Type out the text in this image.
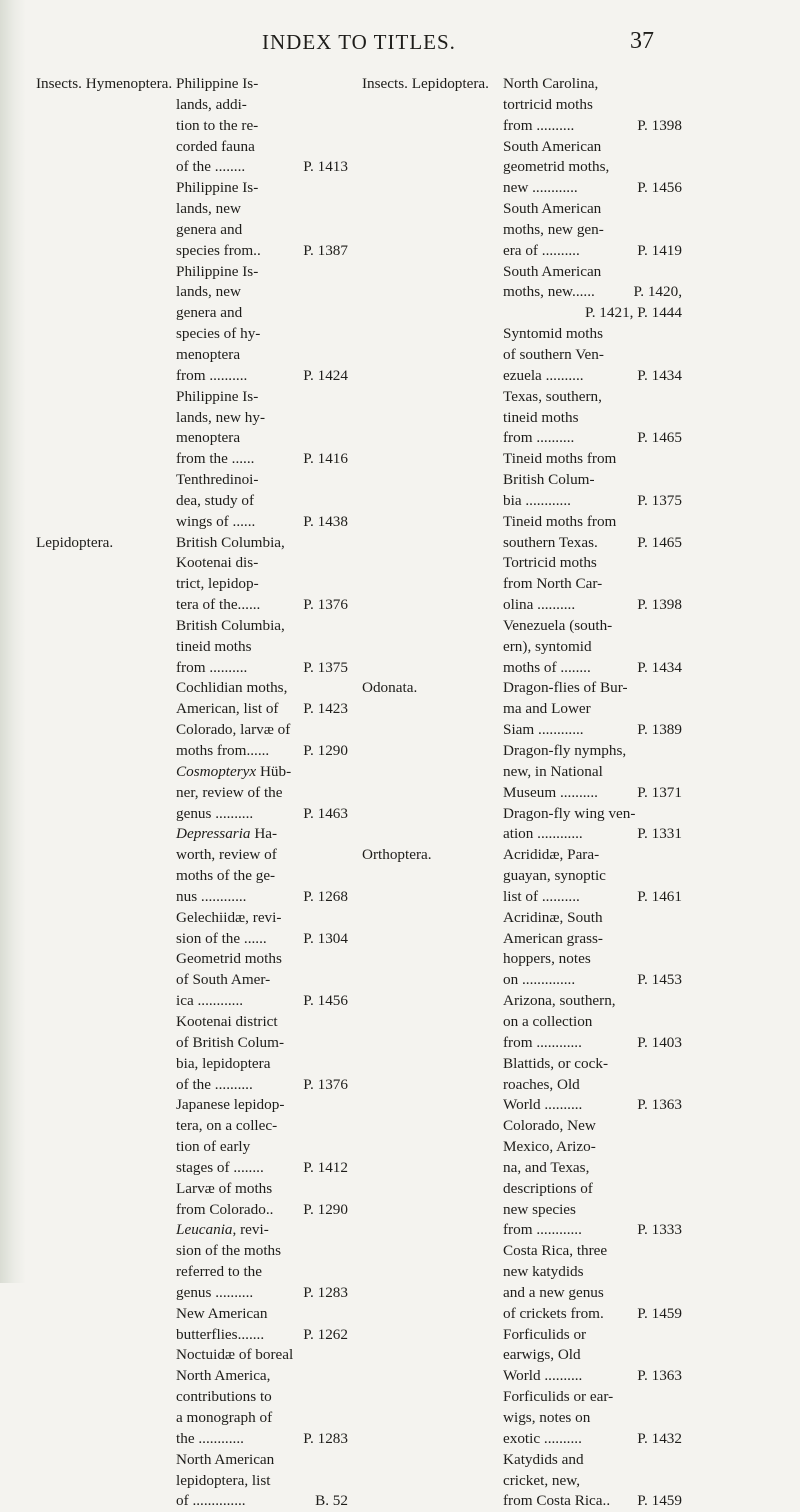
INDEX TO TITLES.	37
Insects. Hymenoptera. Philippine Is-
lands, addi-
tion to the re-
corded fauna
of the ........	P. 1413
Philippine Is-
lands, new
genera and
species from..	P. 1387
Philippine Is-
lands, new
genera and
species of hy-
menoptera
from ..........	P. 1424
Philippine Is-
lands, new hy-
menoptera
from the ......	P. 1416
Tenthredinoi-
dea, study of
wings of ......	P. 1438
Lepidoptera.	British Columbia,
Kootenai dis-
trict, lepidop-
tera of the......	P. 1376
British Columbia,
tineid moths
from ..........	P. 1375
Cochlidian moths,
American, list of P. 1423
Colorado, larvæ of
moths from...... P. 1290
Cosmopteryx Hüb-
ner, review of the
genus ..........	P. 1463
Depressaria Ha-
worth, review of
moths of the ge-
nus ............	P. 1268
Gelechiidæ, revi-
sion of the ...... P. 1304
Geometrid moths
of South Amer-
ica ............	P. 1456
Kootenai district
of British Colum-
bia, lepidoptera
of the ..........	P. 1376
Japanese lepidop-
tera, on a collec-
tion of early
stages of ........	P. 1412
Larvæ of moths
from Colorado.. P. 1290
Leucania, revi-
sion of the moths
referred to the
genus ..........	P. 1283
New American
butterflies.......	P. 1262
Noctuidæ of boreal
North America,
contributions to
a monograph of
the ............	P. 1283
North American
lepidoptera, list
of ..............	B. 52
Insects. Lepidoptera. North Carolina,
tortricid moths
from ..........	P. 1398
South American
geometrid moths,
new ............	P. 1456
South American
moths, new gen-
era of ..........	P. 1419
South American
moths, new......	P. 1420,
P. 1421, P. 1444
Syntomid moths
of southern Ven-
ezuela ..........	P. 1434
Texas, southern,
tineid moths
from ..........	P. 1465
Tineid moths from
British Colum-
bia ............	P. 1375
Tineid moths from
southern Texas.	P. 1465
Tortricid moths
from North Car-
olina ..........	P. 1398
Venezuela (south-
ern), syntomid
moths of ........	P. 1434
Odonata.	Dragon-flies of Bur-
ma and Lower
Siam ............	P. 1389
Dragon-fly nymphs,
new, in National
Museum ..........	P. 1371
Dragon-fly wing ven-
ation ............	P. 1331
Orthoptera.	Acrididæ, Para-
guayan, synoptic
list of ..........	P. 1461
Acridinæ, South
American grass-
hoppers, notes
on ..............	P. 1453
Arizona, southern,
on a collection
from ............	P. 1403
Blattids, or cock-
roaches, Old
World ..........	P. 1363
Colorado, New
Mexico, Arizo-
na, and Texas,
descriptions of
new species
from ............	P. 1333
Costa Rica, three
new katydids
and a new genus
of crickets from. P. 1459
Forficulids or
earwigs, Old
World ..........	P. 1363
Forficulids or ear-
wigs, notes on
exotic ..........	P. 1432
Katydids and
cricket, new,
from Costa Rica.. P. 1459
